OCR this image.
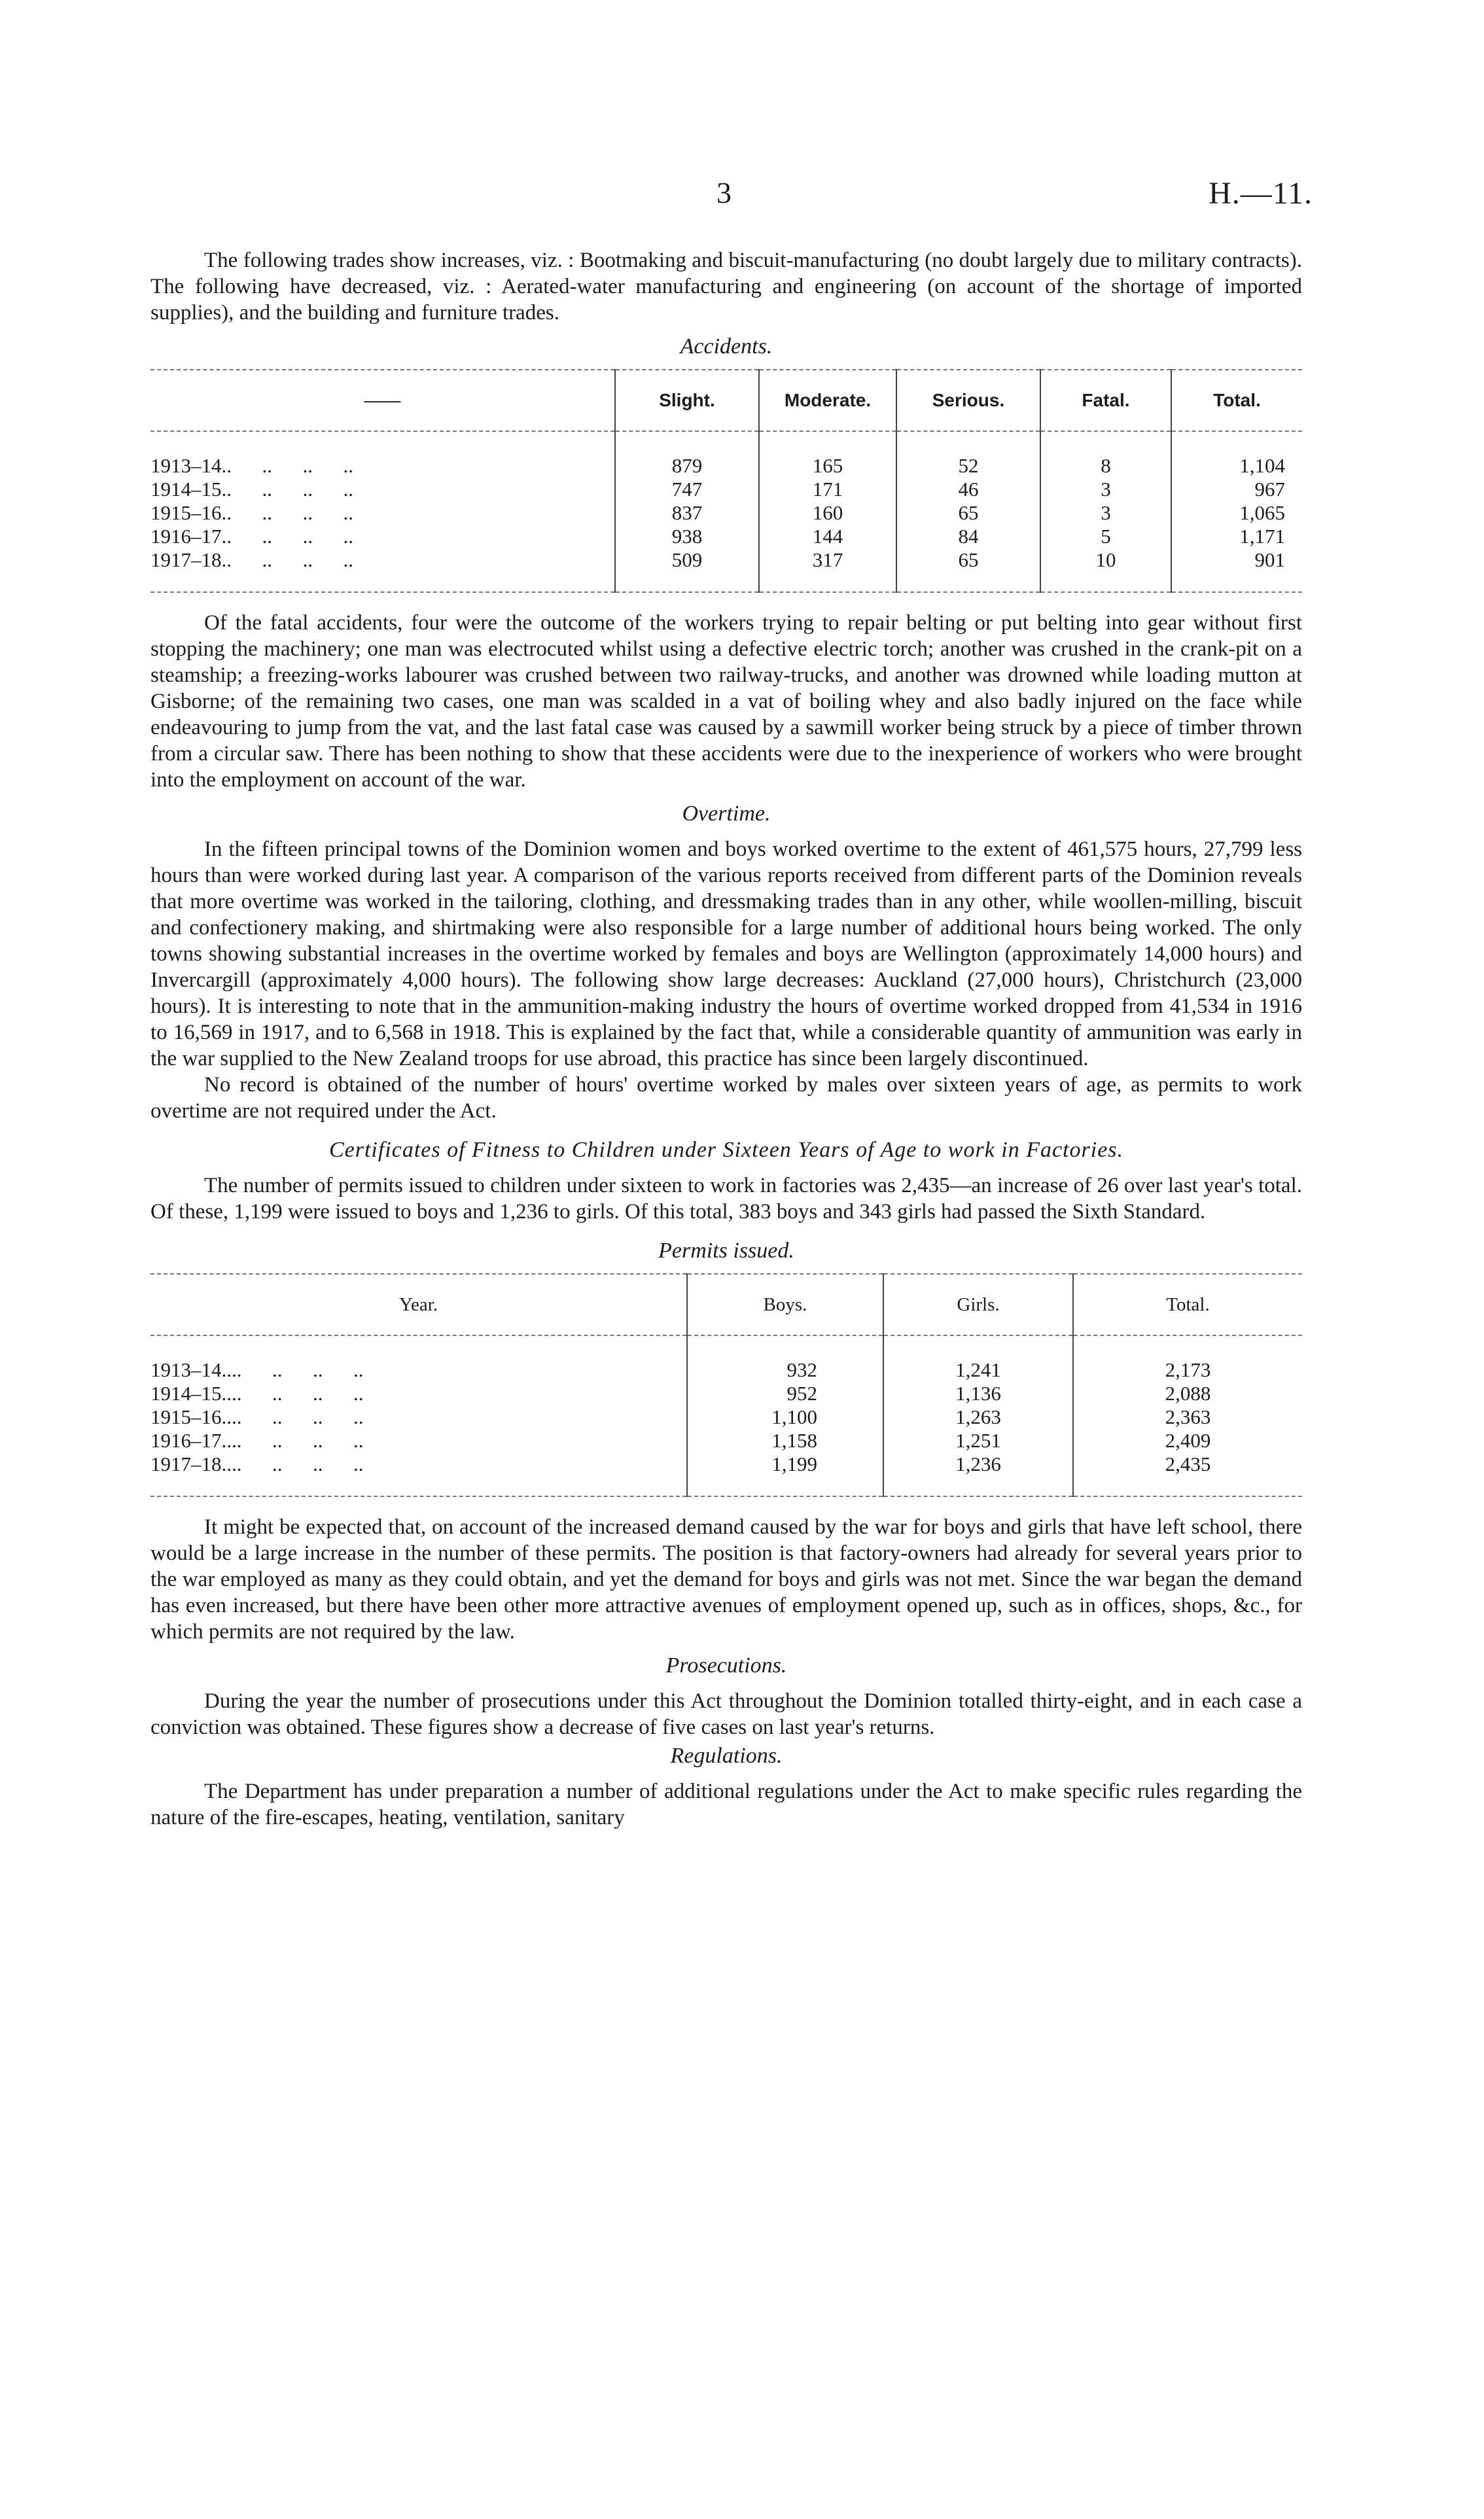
3	H.—11.

The following trades show increases, viz. : Bootmaking and biscuit-manufacturing (no doubt largely due to military contracts). The following have decreased, viz. : Aerated-water manufacturing and engineering (on account of the shortage of imported supplies), and the building and furniture trades.

Accidents.
——	Slight.	Moderate.	Serious.	Fatal.	Total.

1913–14..      ..      ..      ..	879	165	52	8	1,104
1914–15..      ..      ..      ..	747	171	46	3	967
1915–16..      ..      ..      ..	837	160	65	3	1,065
1916–17..      ..      ..      ..	938	144	84	5	1,171
1917–18..      ..      ..      ..	509	317	65	10	901

Of the fatal accidents, four were the outcome of the workers trying to repair belting or put belting into gear without first stopping the machinery; one man was electrocuted whilst using a defective electric torch; another was crushed in the crank-pit on a steamship; a freezing-works labourer was crushed between two railway-trucks, and another was drowned while loading mutton at Gisborne; of the remaining two cases, one man was scalded in a vat of boiling whey and also badly injured on the face while endeavouring to jump from the vat, and the last fatal case was caused by a sawmill worker being struck by a piece of timber thrown from a circular saw. There has been nothing to show that these accidents were due to the inexperience of workers who were brought into the employment on account of the war.

Overtime.

In the fifteen principal towns of the Dominion women and boys worked overtime to the extent of 461,575 hours, 27,799 less hours than were worked during last year. A comparison of the various reports received from different parts of the Dominion reveals that more overtime was worked in the tailoring, clothing, and dressmaking trades than in any other, while woollen-milling, biscuit and confectionery making, and shirtmaking were also responsible for a large number of additional hours being worked. The only towns showing substantial increases in the overtime worked by females and boys are Wellington (approximately 14,000 hours) and Invercargill (approximately 4,000 hours). The following show large decreases: Auckland (27,000 hours), Christchurch (23,000 hours). It is interesting to note that in the ammunition-making industry the hours of overtime worked dropped from 41,534 in 1916 to 16,569 in 1917, and to 6,568 in 1918. This is explained by the fact that, while a considerable quantity of ammunition was early in the war supplied to the New Zealand troops for use abroad, this practice has since been largely discontinued.

No record is obtained of the number of hours' overtime worked by males over sixteen years of age, as permits to work overtime are not required under the Act.

Certificates of Fitness to Children under Sixteen Years of Age to work in Factories.

The number of permits issued to children under sixteen to work in factories was 2,435—an increase of 26 over last year's total. Of these, 1,199 were issued to boys and 1,236 to girls. Of this total, 383 boys and 343 girls had passed the Sixth Standard.

Permits issued.
Year.	Boys.	Girls.	Total.

1913–14....      ..      ..      ..	932	1,241	2,173
1914–15....      ..      ..      ..	952	1,136	2,088
1915–16....      ..      ..      ..	1,100	1,263	2,363
1916–17....      ..      ..      ..	1,158	1,251	2,409
1917–18....      ..      ..      ..	1,199	1,236	2,435

It might be expected that, on account of the increased demand caused by the war for boys and girls that have left school, there would be a large increase in the number of these permits. The position is that factory-owners had already for several years prior to the war employed as many as they could obtain, and yet the demand for boys and girls was not met. Since the war began the demand has even increased, but there have been other more attractive avenues of employment opened up, such as in offices, shops, &c., for which permits are not required by the law.

Prosecutions.

During the year the number of prosecutions under this Act throughout the Dominion totalled thirty-eight, and in each case a conviction was obtained. These figures show a decrease of five cases on last year's returns.

Regulations.

The Department has under preparation a number of additional regulations under the Act to make specific rules regarding the nature of the fire-escapes, heating, ventilation, sanitary
